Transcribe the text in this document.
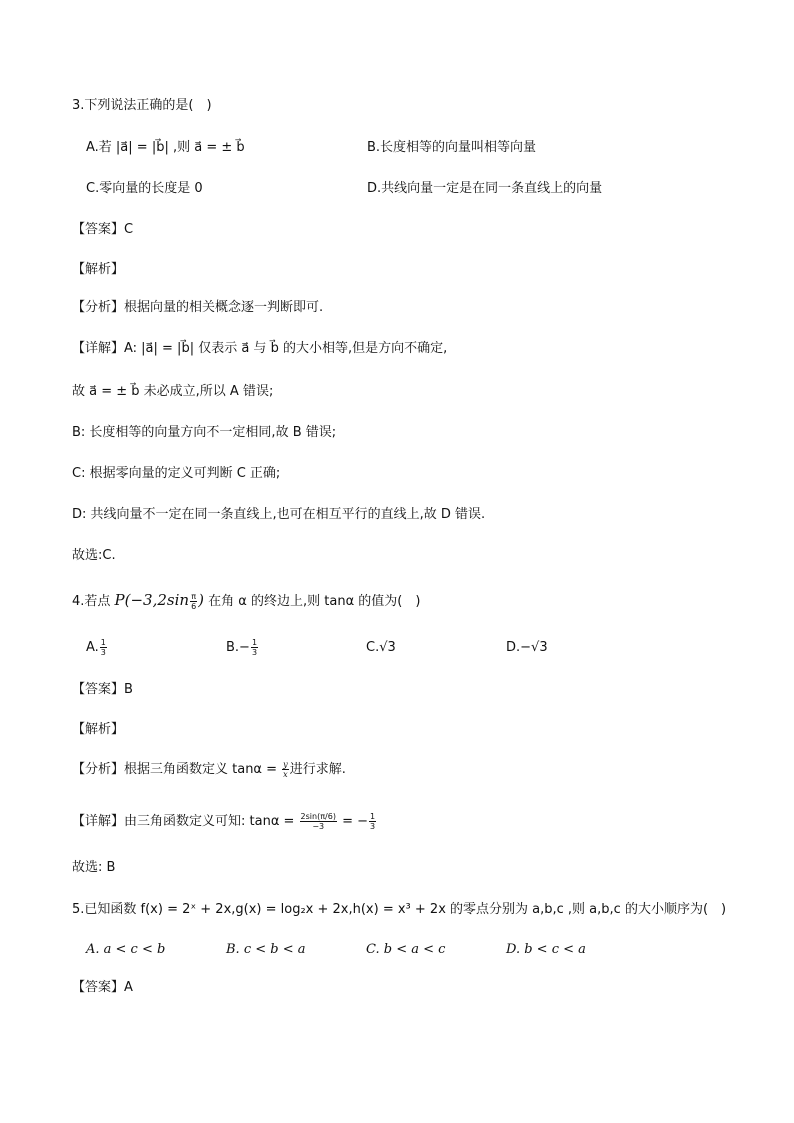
3.下列说法正确的是(　)
A.若 |a⃗| = |b⃗| ,则 a⃗ = ± b⃗	B.长度相等的向量叫相等向量
C.零向量的长度是 0	D.共线向量一定是在同一条直线上的向量
【答案】C
【解析】
【分析】根据向量的相关概念逐一判断即可.
【详解】A: |a⃗| = |b⃗| 仅表示 a⃗ 与 b⃗ 的大小相等,但是方向不确定,
故 a⃗ = ± b⃗ 未必成立,所以 A 错误;
B: 长度相等的向量方向不一定相同,故 B 错误;
C: 根据零向量的定义可判断 C 正确;
D: 共线向量不一定在同一条直线上,也可在相互平行的直线上,故 D 错误.
故选:C.
4.若点 $P(-3,2\sin \frac{\pi}{6}$ ) 在角 α 的终边上,则 tanα 的值为(　)
A. $\frac{1}{3}$	$B.- \frac{1}{3}$	C.√3	D.−√3
【答案】B
【解析】
【分析】根据三角函数定义 $\tan\alpha = \frac{y}{x}$ 进行求解.
【详解】由三角函数定义可知: $\tan\alpha = \frac{2\sin(\pi/6)}{-3}$ = − $\frac{1}{3}$
故选: B
5.已知函数 f(x) = 2ˣ + 2x,g(x) = log₂x + 2x,h(x) = x³ + 2x 的零点分别为 a,b,c ,则 a,b,c 的大小顺序为(　)
A. a < c < b	B. c < b < a	C. b < a < c	D. b < c < a
【答案】A
